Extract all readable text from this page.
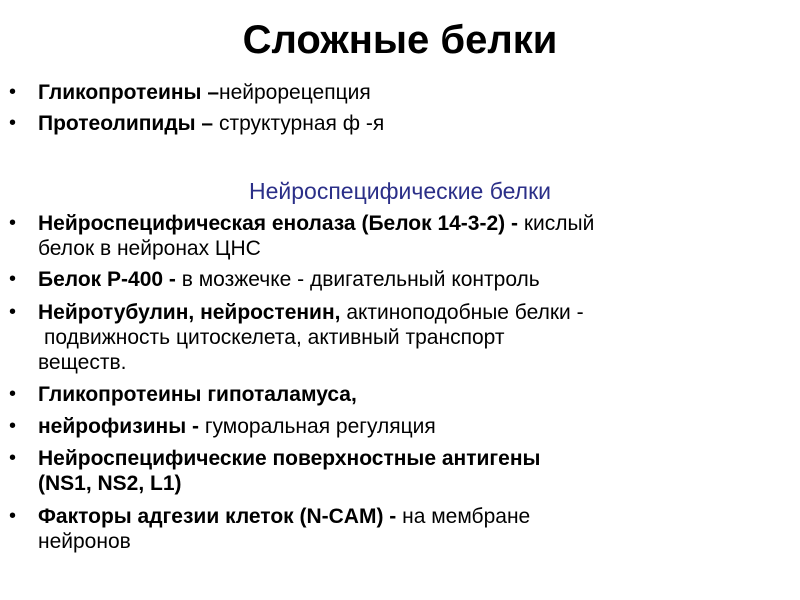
Сложные белки
• Гликопротеины –нейрорецепция
• Протеолипиды – структурная ф -я
Нейроспецифические белки
• Нейроспецифическая енолаза (Белок 14-3-2) - кислый
белок в нейронах ЦНС
• Белок Р-400 - в мозжечке - двигательный контроль
• Нейротубулин, нейростенин, актиноподобные белки -
подвижность цитоскелета, активный транспорт
веществ.
• Гликопротеины гипоталамуса,
• нейрофизины - гуморальная регуляция
• Нейроспецифические поверхностные антигены
(NS1, NS2, L1)
• Факторы адгезии клеток (N-CAM) - на мембране
нейронов
